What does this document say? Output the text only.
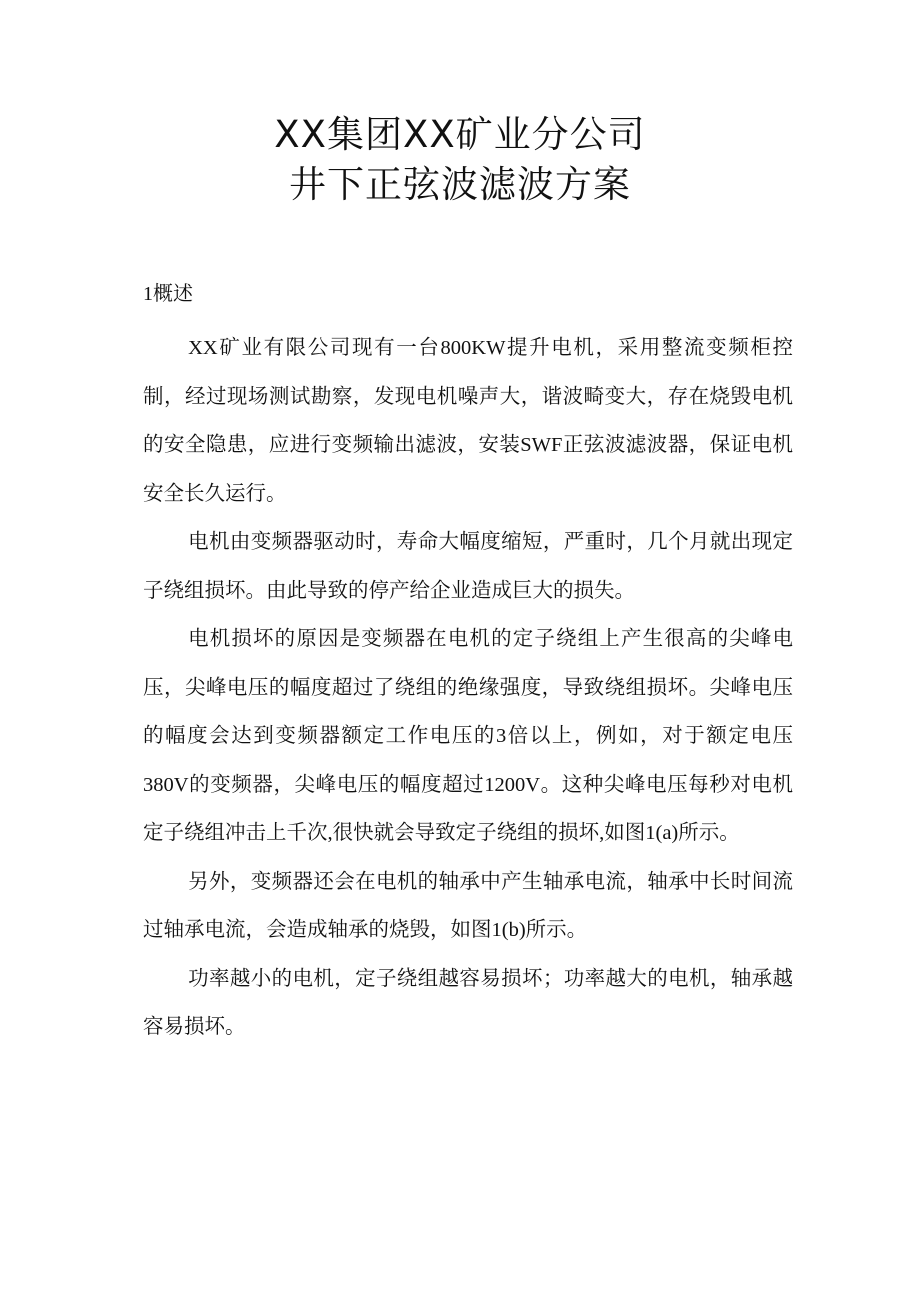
XX集团XX矿业分公司
井下正弦波滤波方案
1概述

XX矿业有限公司现有一台800KW提升电机，采用整流变频柜控制，经过现场测试勘察，发现电机噪声大，谐波畸变大，存在烧毁电机的安全隐患，应进行变频输出滤波，安装SWF正弦波滤波器，保证电机安全长久运行。

电机由变频器驱动时，寿命大幅度缩短，严重时，几个月就出现定子绕组损坏。由此导致的停产给企业造成巨大的损失。

电机损坏的原因是变频器在电机的定子绕组上产生很高的尖峰电压，尖峰电压的幅度超过了绕组的绝缘强度，导致绕组损坏。尖峰电压的幅度会达到变频器额定工作电压的3倍以上，例如，对于额定电压380V的变频器，尖峰电压的幅度超过1200V。这种尖峰电压每秒对电机定子绕组冲击上千次,很快就会导致定子绕组的损坏,如图1(a)所示。

另外，变频器还会在电机的轴承中产生轴承电流，轴承中长时间流过轴承电流，会造成轴承的烧毁，如图1(b)所示。

功率越小的电机，定子绕组越容易损坏；功率越大的电机，轴承越容易损坏。
